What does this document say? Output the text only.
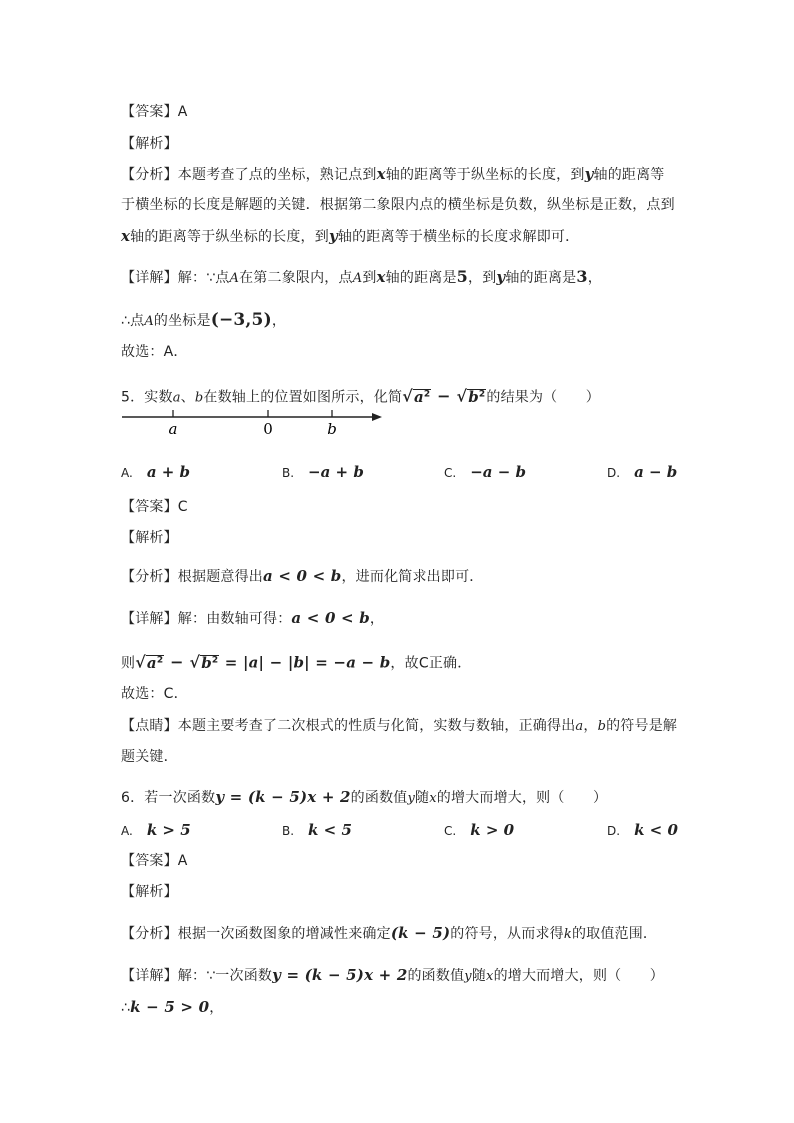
【答案】A
【解析】
【分析】本题考查了点的坐标，熟记点到x轴的距离等于纵坐标的长度，到y轴的距离等
于横坐标的长度是解题的关键．根据第二象限内点的横坐标是负数，纵坐标是正数，点到
x轴的距离等于纵坐标的长度，到y轴的距离等于横坐标的长度求解即可．
【详解】解：∵点A在第二象限内，点A到x轴的距离是5，到y轴的距离是3，
∴点A的坐标是(−3,5)，
故选：A．
5．实数a、b在数轴上的位置如图所示，化简$√a^2 - √b^2$的结果为（　　）
a	0	b
A. a + b	B. −a + b	C. −a − b	D. a − b
【答案】C
【解析】
【分析】根据题意得出a < 0 < b，进而化简求出即可．
【详解】解：由数轴可得：a < 0 < b，
则$√a^2 - √b^2 = |a| - |b| = -a - b$，故C正确．
故选：C．
【点睛】本题主要考查了二次根式的性质与化简，实数与数轴，正确得出a，b的符号是解
题关键．
6．若一次函数y = (k − 5)x + 2的函数值y随x的增大而增大，则（　　）
A. k > 5	B. k < 5	C. k > 0	D. k < 0
【答案】A
【解析】
【分析】根据一次函数图象的增减性来确定(k − 5)的符号，从而求得k的取值范围．
【详解】解：∵一次函数y = (k − 5)x + 2的函数值y随x的增大而增大，则（　　）
∴k − 5 > 0，
